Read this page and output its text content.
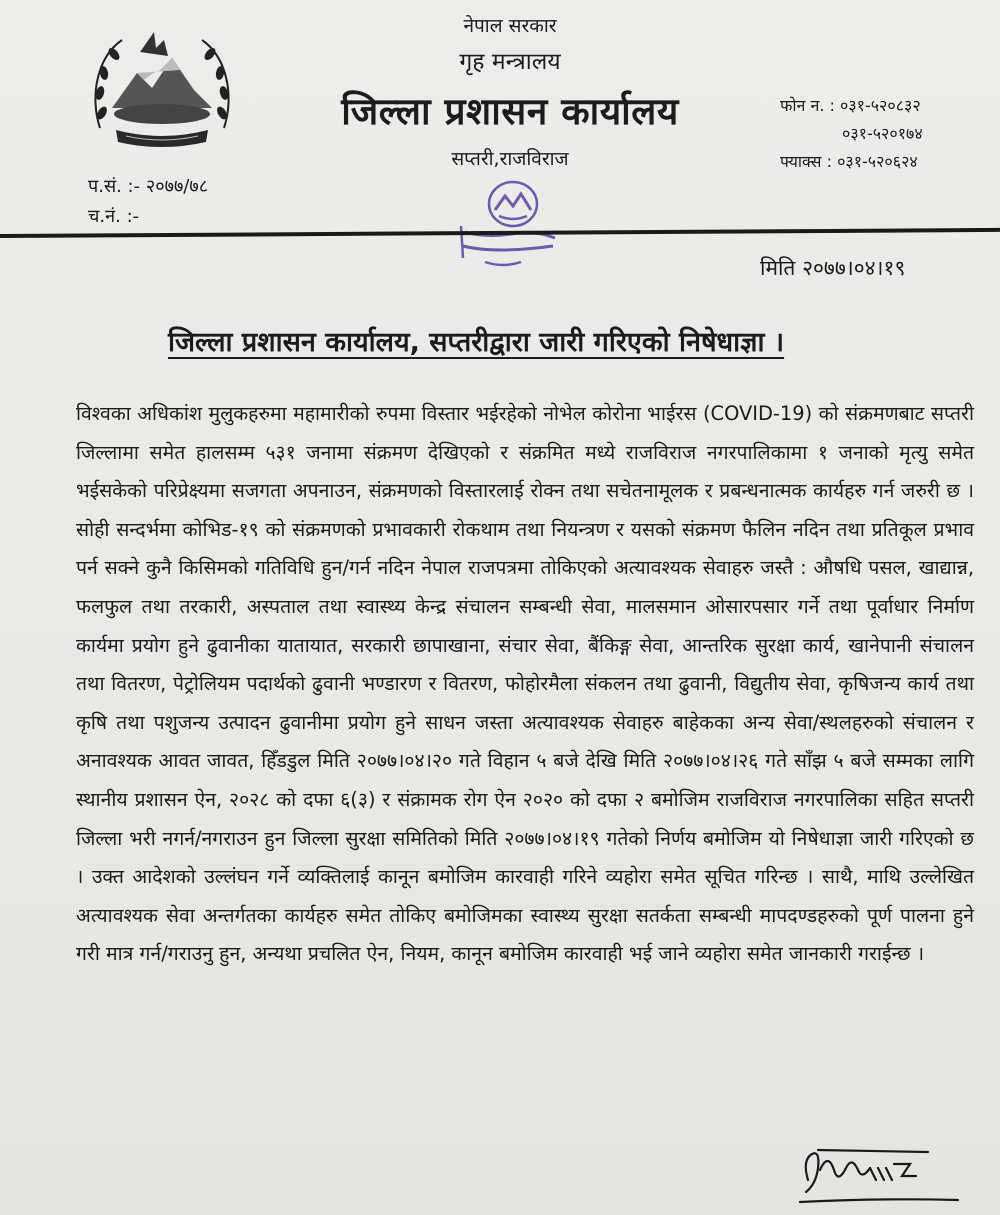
नेपाल सरकार
गृह मन्त्रालय
जिल्ला प्रशासन कार्यालय
सप्तरी,राजविराज
फोन न. : ०३१-५२०८३२
०३१-५२०१७४
फ्याक्स : ०३१-५२०६२४
प.सं. :- २०७७/७८
च.नं. :-
मिति २०७७।०४।१९
जिल्ला प्रशासन कार्यालय, सप्तरीद्वारा जारी गरिएको निषेधाज्ञा ।

विश्वका अधिकांश मुलुकहरुमा महामारीको रुपमा विस्तार भईरहेको नोभेल कोरोना भाईरस (COVID-19) को संक्रमणबाट सप्तरी जिल्लामा समेत हालसम्म ५३१ जनामा संक्रमण देखिएको र संक्रमित मध्ये राजविराज नगरपालिकामा १ जनाको मृत्यु समेत भईसकेको परिप्रेक्ष्यमा सजगता अपनाउन, संक्रमणको विस्तारलाई रोक्न तथा सचेतनामूलक र प्रबन्धनात्मक कार्यहरु गर्न जरुरी छ । सोही सन्दर्भमा कोभिड-१९ को संक्रमणको प्रभावकारी रोकथाम तथा नियन्त्रण र यसको संक्रमण फैलिन नदिन तथा प्रतिकूल प्रभाव पर्न सक्ने कुनै किसिमको गतिविधि हुन/गर्न नदिन नेपाल राजपत्रमा तोकिएको अत्यावश्यक सेवाहरु जस्तै : औषधि पसल, खाद्यान्न, फलफुल तथा तरकारी, अस्पताल तथा स्वास्थ्य केन्द्र संचालन सम्बन्धी सेवा, मालसमान ओसारपसार गर्ने तथा पूर्वाधार निर्माण कार्यमा प्रयोग हुने ढुवानीका यातायात, सरकारी छापाखाना, संचार सेवा, बैंकिङ्ग सेवा, आन्तरिक सुरक्षा कार्य, खानेपानी संचालन तथा वितरण, पेट्रोलियम पदार्थको ढुवानी भण्डारण र वितरण, फोहोरमैला संकलन तथा ढुवानी, विद्युतीय सेवा, कृषिजन्य कार्य तथा कृषि तथा पशुजन्य उत्पादन ढुवानीमा प्रयोग हुने साधन जस्ता अत्यावश्यक सेवाहरु बाहेकका अन्य सेवा/स्थलहरुको संचालन र अनावश्यक आवत जावत, हिँडडुल मिति २०७७।०४।२० गते विहान ५ बजे देखि मिति २०७७।०४।२६ गते साँझ ५ बजे सम्मका लागि स्थानीय प्रशासन ऐन, २०२८ को दफा ६(३) र संक्रामक रोग ऐन २०२० को दफा २ बमोजिम राजविराज नगरपालिका सहित सप्तरी जिल्ला भरी नगर्न/नगराउन हुन जिल्ला सुरक्षा समितिको मिति २०७७।०४।१९ गतेको निर्णय बमोजिम यो निषेधाज्ञा जारी गरिएको छ । उक्त आदेशको उल्लंघन गर्ने व्यक्तिलाई कानून बमोजिम कारवाही गरिने व्यहोरा समेत सूचित गरिन्छ । साथै, माथि उल्लेखित अत्यावश्यक सेवा अन्तर्गतका कार्यहरु समेत तोकिए बमोजिमका स्वास्थ्य सुरक्षा सतर्कता सम्बन्धी मापदण्डहरुको पूर्ण पालना हुने गरी मात्र गर्न/गराउनु हुन, अन्यथा प्रचलित ऐन, नियम, कानून बमोजिम कारवाही भई जाने व्यहोरा समेत जानकारी गराईन्छ ।
